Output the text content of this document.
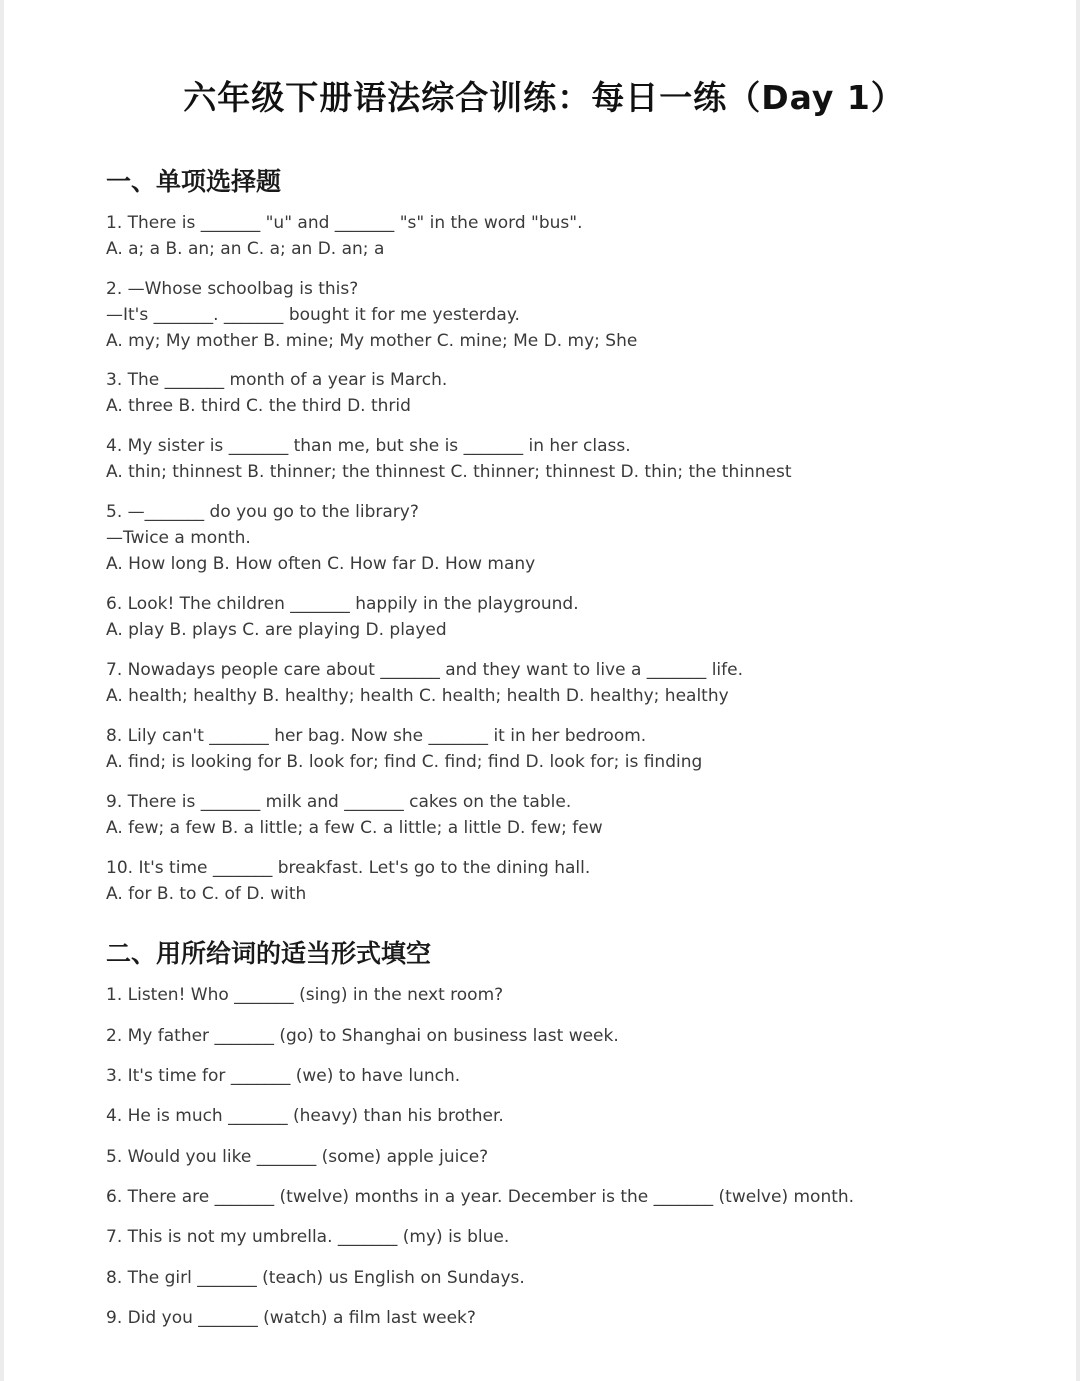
六年级下册语法综合训练：每日一练（Day 1）
一、单项选择题
1. There is _______ "u" and _______ "s" in the word "bus".
A. a; a B. an; an C. a; an D. an; a
2. —Whose schoolbag is this?
—It's _______. _______ bought it for me yesterday.
A. my; My mother B. mine; My mother C. mine; Me D. my; She
3. The _______ month of a year is March.
A. three B. third C. the third D. thrid
4. My sister is _______ than me, but she is _______ in her class.
A. thin; thinnest B. thinner; the thinnest C. thinner; thinnest D. thin; the thinnest
5. —_______ do you go to the library?
—Twice a month.
A. How long B. How often C. How far D. How many
6. Look! The children _______ happily in the playground.
A. play B. plays C. are playing D. played
7. Nowadays people care about _______ and they want to live a _______ life.
A. health; healthy B. healthy; health C. health; health D. healthy; healthy
8. Lily can't _______ her bag. Now she _______ it in her bedroom.
A. find; is looking for B. look for; find C. find; find D. look for; is finding
9. There is _______ milk and _______ cakes on the table.
A. few; a few B. a little; a few C. a little; a little D. few; few
10. It's time _______ breakfast. Let's go to the dining hall.
A. for B. to C. of D. with
二、用所给词的适当形式填空
1. Listen! Who _______ (sing) in the next room?
2. My father _______ (go) to Shanghai on business last week.
3. It's time for _______ (we) to have lunch.
4. He is much _______ (heavy) than his brother.
5. Would you like _______ (some) apple juice?
6. There are _______ (twelve) months in a year. December is the _______ (twelve) month.
7. This is not my umbrella. _______ (my) is blue.
8. The girl _______ (teach) us English on Sundays.
9. Did you _______ (watch) a film last week?
